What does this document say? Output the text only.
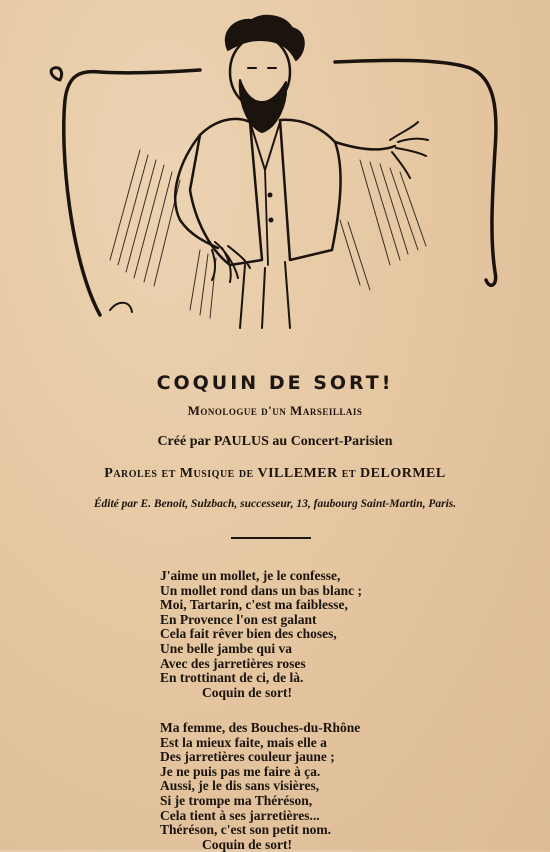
COQUIN DE SORT!
Monologue d'un Marseillais
Créé par PAULUS au Concert-Parisien
Paroles et Musique de VILLEMER et DELORMEL
Édité par E. Benoit, Sulzbach, successeur, 13, faubourg Saint-Martin, Paris.
J'aime un mollet, je le confesse,
Un mollet rond dans un bas blanc ;
Moi, Tartarin, c'est ma faiblesse,
En Provence l'on est galant
Cela fait rêver bien des choses,
Une belle jambe qui va
Avec des jarretières roses
En trottinant de ci, de là.
Coquin de sort!
Ma femme, des Bouches-du-Rhône
Est la mieux faite, mais elle a
Des jarretières couleur jaune ;
Je ne puis pas me faire à ça.
Aussi, je le dis sans visières,
Si je trompe ma Théréson,
Cela tient à ses jarretières...
Théréson, c'est son petit nom.
Coquin de sort!
